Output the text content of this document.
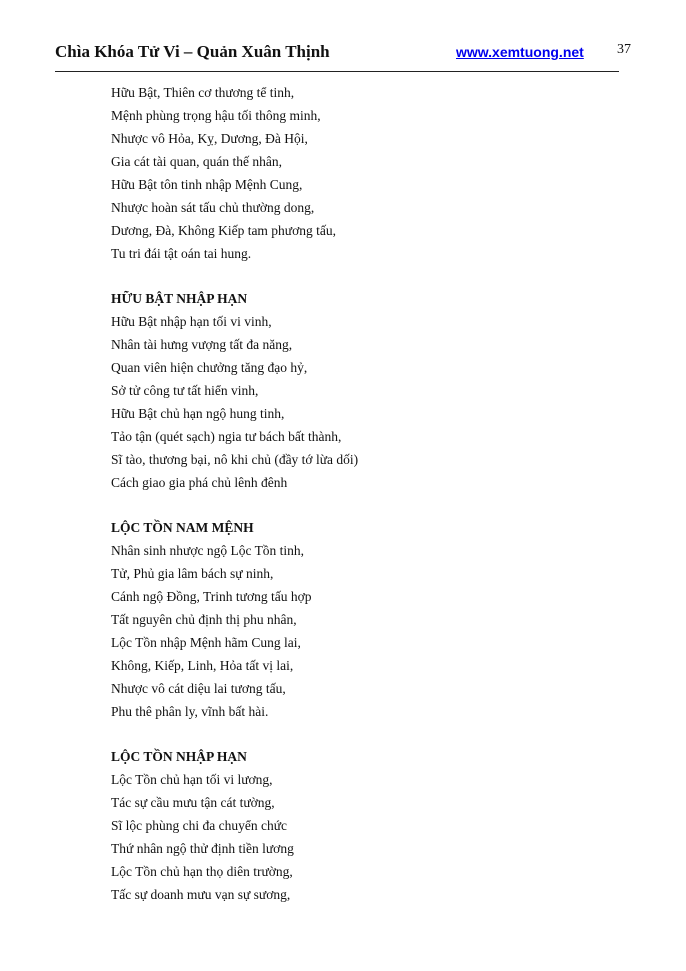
Chìa Khóa Tử Vi – Quản Xuân Thịnh	www.xemtuong.net 37
Hữu Bật, Thiên cơ thương tể tinh,
Mệnh phùng trọng hậu tối thông minh,
Nhược vô Hỏa, Kỵ, Dương, Đà Hội,
Gia cát tài quan, quán thế nhân,
Hữu Bật tôn tinh nhập Mệnh Cung,
Nhược hoàn sát tấu chủ thường dong,
Dương, Đà, Không Kiếp tam phương tấu,
Tu tri đái tật oán tai hung.
HỮU BẬT NHẬP HẠN
Hữu Bật nhập hạn tối vi vinh,
Nhân tài hưng vượng tất đa năng,
Quan viên hiện chưởng tăng đạo hỷ,
Sở tử công tư tất hiển vinh,
Hữu Bật chủ hạn ngộ hung tinh,
Tảo tận (quét sạch) ngia tư bách bất thành,
Sĩ tào, thương bại, nô khi chủ (đầy tớ lừa dối)
Cách giao gia phá chủ lênh đênh
LỘC TỒN NAM MỆNH
Nhân sinh nhược ngộ Lộc Tồn tinh,
Tử, Phủ gia lâm bách sự ninh,
Cánh ngộ Đồng, Trinh tương tấu hợp
Tất nguyên chủ định thị phu nhân,
Lộc Tồn nhập Mệnh hãm Cung lai,
Không, Kiếp, Linh, Hỏa tất vị lai,
Nhược vô cát diệu lai tương tấu,
Phu thê phân ly, vĩnh bất hài.
LỘC TỒN NHẬP HẠN
Lộc Tồn chủ hạn tối vi lương,
Tác sự cầu mưu tận cát tường,
Sĩ lộc phùng chi đa chuyển chức
Thứ nhân ngộ thử định tiền lương
Lộc Tồn chủ hạn thọ diên trường,
Tấc sự doanh mưu vạn sự sương,
